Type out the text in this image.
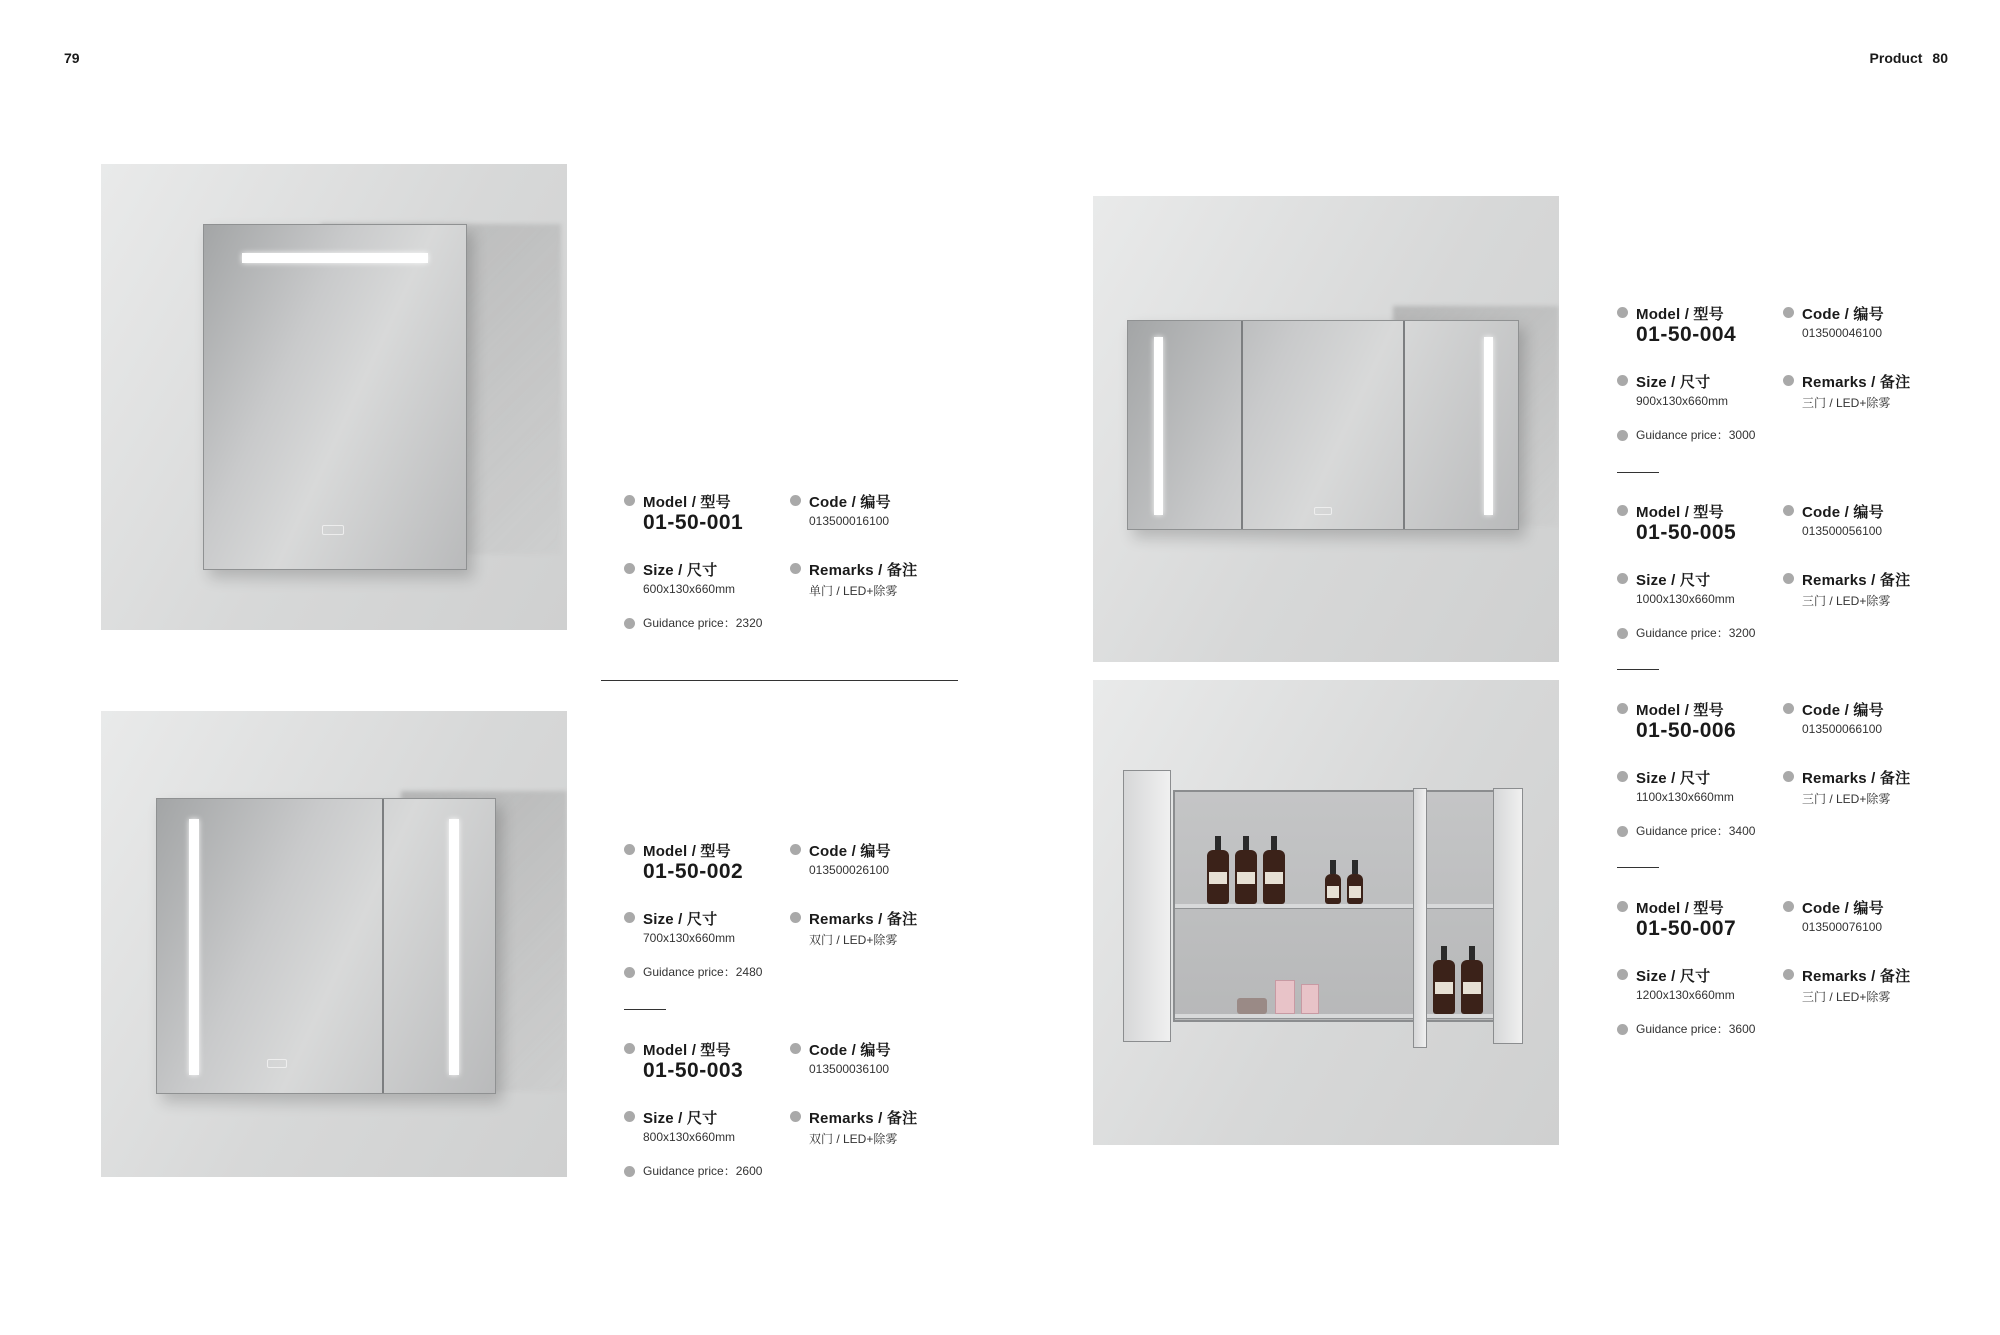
79	Product 80
Model / 型号
01-50-001
Code / 编号
013500016100
Size / 尺寸
600x130x660mm
Remarks / 备注
单门 / LED+除雾
Guidance price：2320
Model / 型号
01-50-002
Code / 编号
013500026100
Size / 尺寸
700x130x660mm
Remarks / 备注
双门 / LED+除雾
Guidance price：2480
Model / 型号
01-50-003
Code / 编号
013500036100
Size / 尺寸
800x130x660mm
Remarks / 备注
双门 / LED+除雾
Guidance price：2600
Model / 型号
01-50-004
Code / 编号
013500046100
Size / 尺寸
900x130x660mm
Remarks / 备注
三门 / LED+除雾
Guidance price：3000
Model / 型号
01-50-005
Code / 编号
013500056100
Size / 尺寸
1000x130x660mm
Remarks / 备注
三门 / LED+除雾
Guidance price：3200
Model / 型号
01-50-006
Code / 编号
013500066100
Size / 尺寸
1100x130x660mm
Remarks / 备注
三门 / LED+除雾
Guidance price：3400
Model / 型号
01-50-007
Code / 编号
013500076100
Size / 尺寸
1200x130x660mm
Remarks / 备注
三门 / LED+除雾
Guidance price：3600
